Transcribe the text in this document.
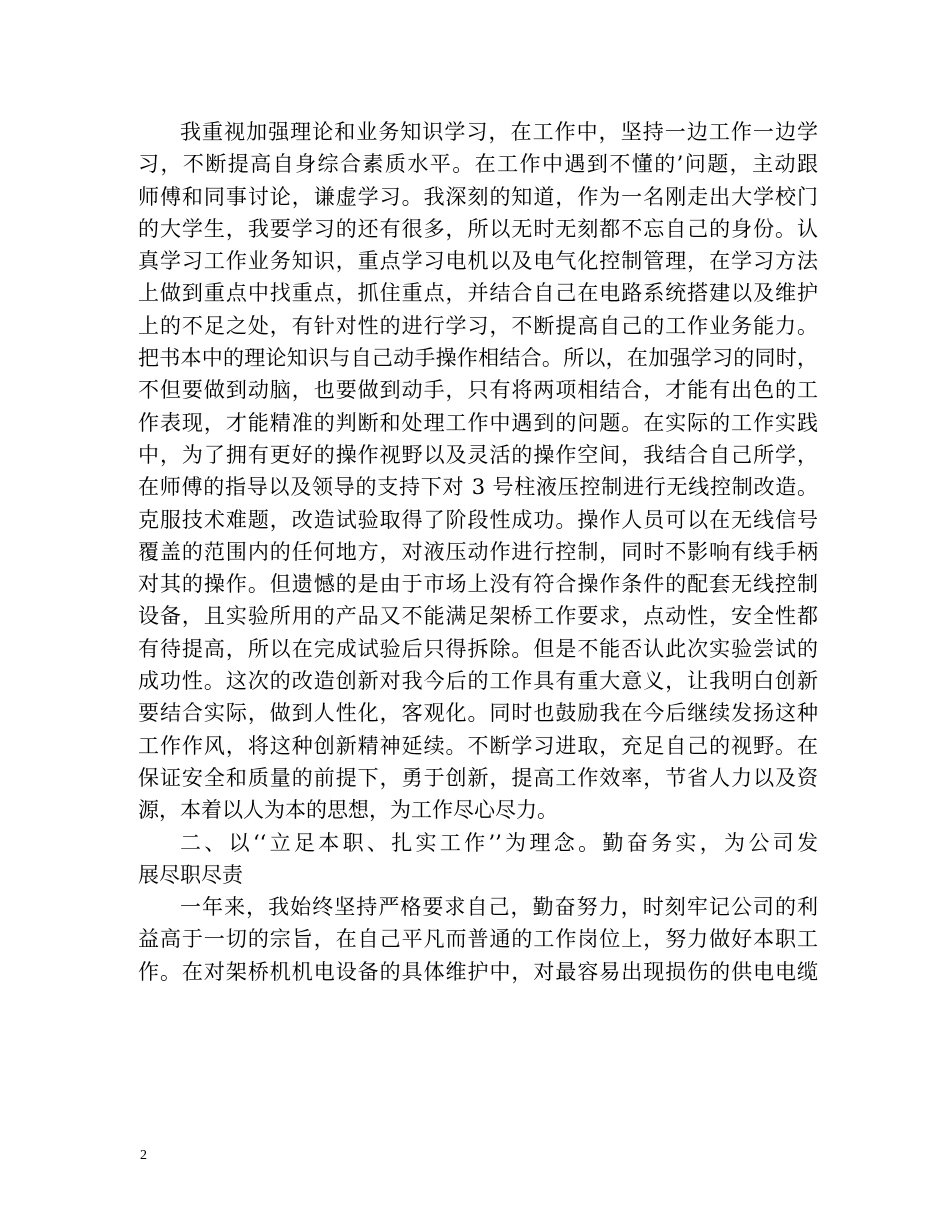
我重视加强理论和业务知识学习，在工作中，坚持一边工作一边学
习，不断提高自身综合素质水平。在工作中遇到不懂的’问题，主动跟
师傅和同事讨论，谦虚学习。我深刻的知道，作为一名刚走出大学校门
的大学生，我要学习的还有很多，所以无时无刻都不忘自己的身份。认
真学习工作业务知识，重点学习电机以及电气化控制管理，在学习方法
上做到重点中找重点，抓住重点，并结合自己在电路系统搭建以及维护
上的不足之处，有针对性的进行学习，不断提高自己的工作业务能力。
把书本中的理论知识与自己动手操作相结合。所以，在加强学习的同时，
不但要做到动脑，也要做到动手，只有将两项相结合，才能有出色的工
作表现，才能精准的判断和处理工作中遇到的问题。在实际的工作实践
中，为了拥有更好的操作视野以及灵活的操作空间，我结合自己所学，
在师傅的指导以及领导的支持下对 3 号柱液压控制进行无线控制改造。
克服技术难题，改造试验取得了阶段性成功。操作人员可以在无线信号
覆盖的范围内的任何地方，对液压动作进行控制，同时不影响有线手柄
对其的操作。但遗憾的是由于市场上没有符合操作条件的配套无线控制
设备，且实验所用的产品又不能满足架桥工作要求，点动性，安全性都
有待提高，所以在完成试验后只得拆除。但是不能否认此次实验尝试的
成功性。这次的改造创新对我今后的工作具有重大意义，让我明白创新
要结合实际，做到人性化，客观化。同时也鼓励我在今后继续发扬这种
工作作风，将这种创新精神延续。不断学习进取，充足自己的视野。在
保证安全和质量的前提下，勇于创新，提高工作效率，节省人力以及资
源，本着以人为本的思想，为工作尽心尽力。
二、以‘‘立足本职、扎实工作’’为理念。勤奋务实，为公司发
展尽职尽责
一年来，我始终坚持严格要求自己，勤奋努力，时刻牢记公司的利
益高于一切的宗旨，在自己平凡而普通的工作岗位上，努力做好本职工
作。在对架桥机机电设备的具体维护中，对最容易出现损伤的供电电缆
2
